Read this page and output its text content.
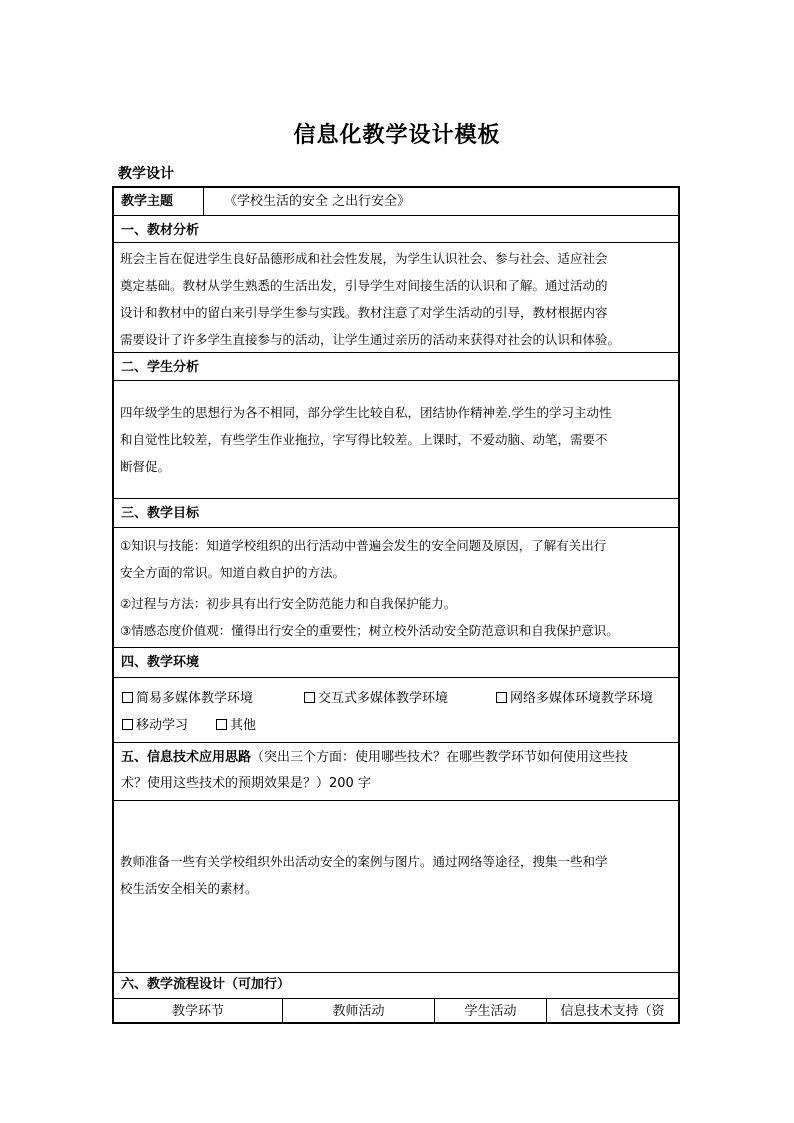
信息化教学设计模板
教学设计
教学主题	《学校生活的安全 之出行安全》
一、教材分析
班会主旨在促进学生良好品德形成和社会性发展，为学生认识社会、参与社会、适应社会
奠定基础。教材从学生熟悉的生活出发，引导学生对间接生活的认识和了解。通过活动的
设计和教材中的留白来引导学生参与实践。教材注意了对学生活动的引导，教材根据内容
需要设计了许多学生直接参与的活动，让学生通过亲历的活动来获得对社会的认识和体验。
二、学生分析
四年级学生的思想行为各不相同，部分学生比较自私，团结协作精神差.学生的学习主动性
和自觉性比较差，有些学生作业拖拉，字写得比较差。上课时，不爱动脑、动笔，需要不
断督促。
三、教学目标
①知识与技能：知道学校组织的出行活动中普遍会发生的安全问题及原因，了解有关出行
安全方面的常识。知道自救自护的方法。
②过程与方法：初步具有出行安全防范能力和自我保护能力。
③情感态度价值观：懂得出行安全的重要性；树立校外活动安全防范意识和自我保护意识。
四、教学环境
简易多媒体教学环境	交互式多媒体教学环境	网络多媒体环境教学环境
移动学习	其他
五、信息技术应用思路（突出三个方面：使用哪些技术？在哪些教学环节如何使用这些技
术？使用这些技术的预期效果是？）200 字
教师准备一些有关学校组织外出活动安全的案例与图片。通过网络等途径，搜集一些和学
校生活安全相关的素材。
六、教学流程设计（可加行）
教学环节	教师活动	学生活动	信息技术支持（资
